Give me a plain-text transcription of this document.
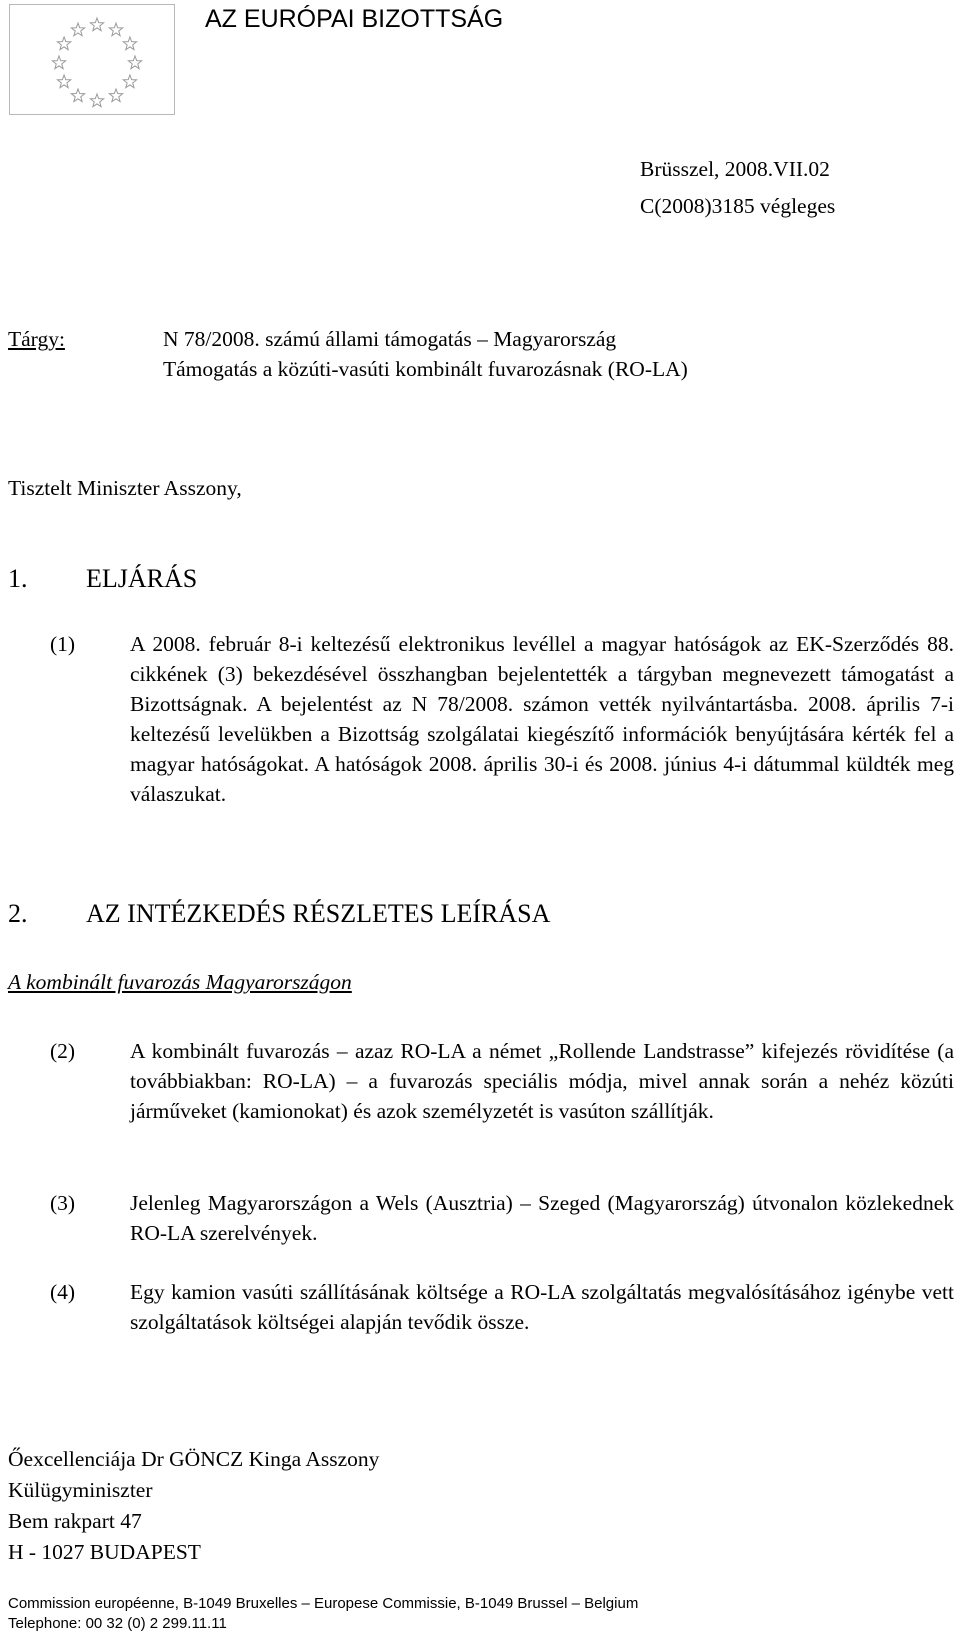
AZ EURÓPAI BIZOTTSÁG
Brüsszel, 2008.VII.02
C(2008)3185 végleges
Tárgy:	N 78/2008. számú állami támogatás – Magyarország
Támogatás a közúti-vasúti kombinált fuvarozásnak (RO-LA)
Tisztelt Miniszter Asszony,
1. ELJÁRÁS
(1)	A 2008. február 8-i keltezésű elektronikus levéllel a magyar hatóságok az EK-Szerződés 88. cikkének (3) bekezdésével összhangban bejelentették a tárgyban megnevezett támogatást a Bizottságnak. A bejelentést az N 78/2008. számon vették nyilvántartásba. 2008. április 7-i keltezésű levelükben a Bizottság szolgálatai kiegészítő információk benyújtására kérték fel a magyar hatóságokat. A hatóságok 2008. április 30-i és 2008. június 4-i dátummal küldték meg válaszukat.
2. AZ INTÉZKEDÉS RÉSZLETES LEÍRÁSA
A kombinált fuvarozás Magyarországon
(2)	A kombinált fuvarozás – azaz RO-LA a német „Rollende Landstrasse” kifejezés rövidítése (a továbbiakban: RO-LA) – a fuvarozás speciális módja, mivel annak során a nehéz közúti járműveket (kamionokat) és azok személyzetét is vasúton szállítják.
(3)	Jelenleg Magyarországon a Wels (Ausztria) – Szeged (Magyarország) útvonalon közlekednek RO-LA szerelvények.
(4)	Egy kamion vasúti szállításának költsége a RO-LA szolgáltatás megvalósításához igénybe vett szolgáltatások költségei alapján tevődik össze.
Őexcellenciája Dr GÖNCZ Kinga Asszony
Külügyminiszter
Bem rakpart 47
H - 1027 BUDAPEST
Commission européenne, B-1049 Bruxelles – Europese Commissie, B-1049 Brussel – Belgium
Telephone: 00 32 (0) 2 299.11.11
